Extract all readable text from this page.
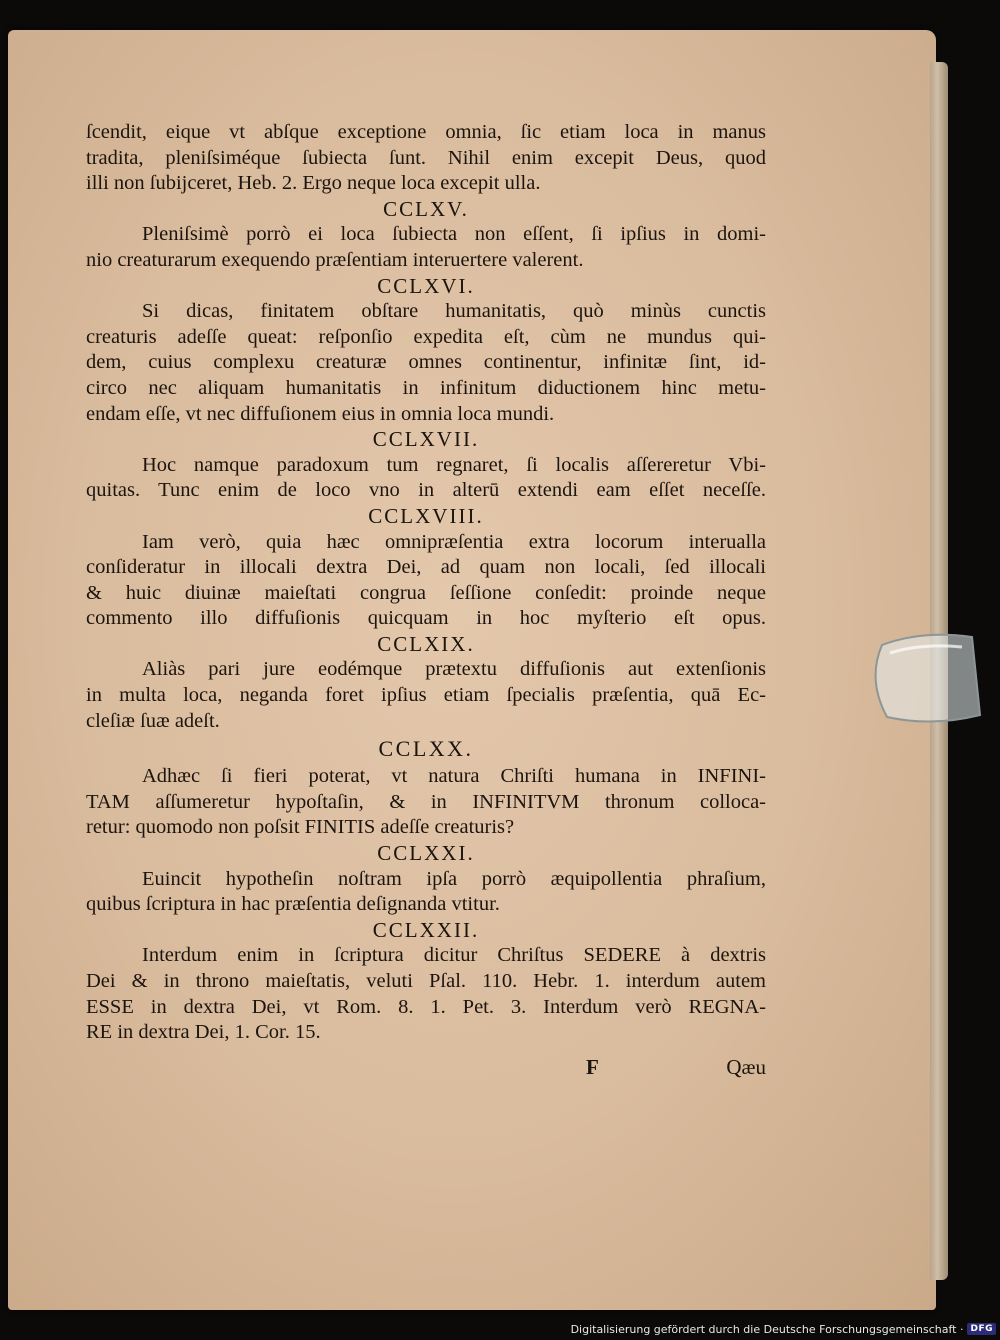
ſcendit, eique vt abſque exceptione omnia, ſic etiam loca in manus
tradita, pleniſsiméque ſubiecta ſunt. Nihil enim excepit Deus, quod
illi non ſubijceret, Heb. 2. Ergo neque loca excepit ulla.
CCLXV.
Pleniſsimè porrò ei loca ſubiecta non eſſent, ſi ipſius in domi-
nio creaturarum exequendo præſentiam interuertere valerent.
CCLXVI.
Si dicas, finitatem obſtare humanitatis, quò minùs cunctis
creaturis adeſſe queat: reſponſio expedita eſt, cùm ne mundus qui-
dem, cuius complexu creaturæ omnes continentur, infinitæ ſint, id-
circo nec aliquam humanitatis in infinitum diductionem hinc metu-
endam eſſe, vt nec diffuſionem eius in omnia loca mundi.
CCLXVII.
Hoc namque paradoxum tum regnaret, ſi localis aſſereretur Vbi-
quitas. Tunc enim de loco vno in alterū extendi eam eſſet neceſſe.
CCLXVIII.
Iam verò, quia hæc omnipræſentia extra locorum interualla
conſideratur in illocali dextra Dei, ad quam non locali, ſed illocali
& huic diuinæ maieſtati congrua ſeſſione conſedit: proinde neque
commento illo diffuſionis quicquam in hoc myſterio eſt opus.
CCLXIX.
Aliàs pari jure eodémque prætextu diffuſionis aut extenſionis
in multa loca, neganda foret ipſius etiam ſpecialis præſentia, quā Ec-
cleſiæ ſuæ adeſt.
CCLXX.
Adhæc ſi fieri poterat, vt natura Chriſti humana in INFINI-
TAM aſſumeretur hypoſtaſin, & in INFINITVM thronum colloca-
retur: quomodo non poſsit FINITIS adeſſe creaturis?
CCLXXI.
Euincit hypotheſin noſtram ipſa porrò æquipollentia phraſium,
quibus ſcriptura in hac præſentia deſignanda vtitur.
CCLXXII.
Interdum enim in ſcriptura dicitur Chriſtus SEDERE à dextris
Dei & in throno maieſtatis, veluti Pſal. 110. Hebr. 1. interdum autem
ESSE in dextra Dei, vt Rom. 8. 1. Pet. 3. Interdum verò REGNA-
RE in dextra Dei, 1. Cor. 15.
F	Qæu
Digitalisierung gefördert durch die Deutsche Forschungsgemeinschaft · DFG
